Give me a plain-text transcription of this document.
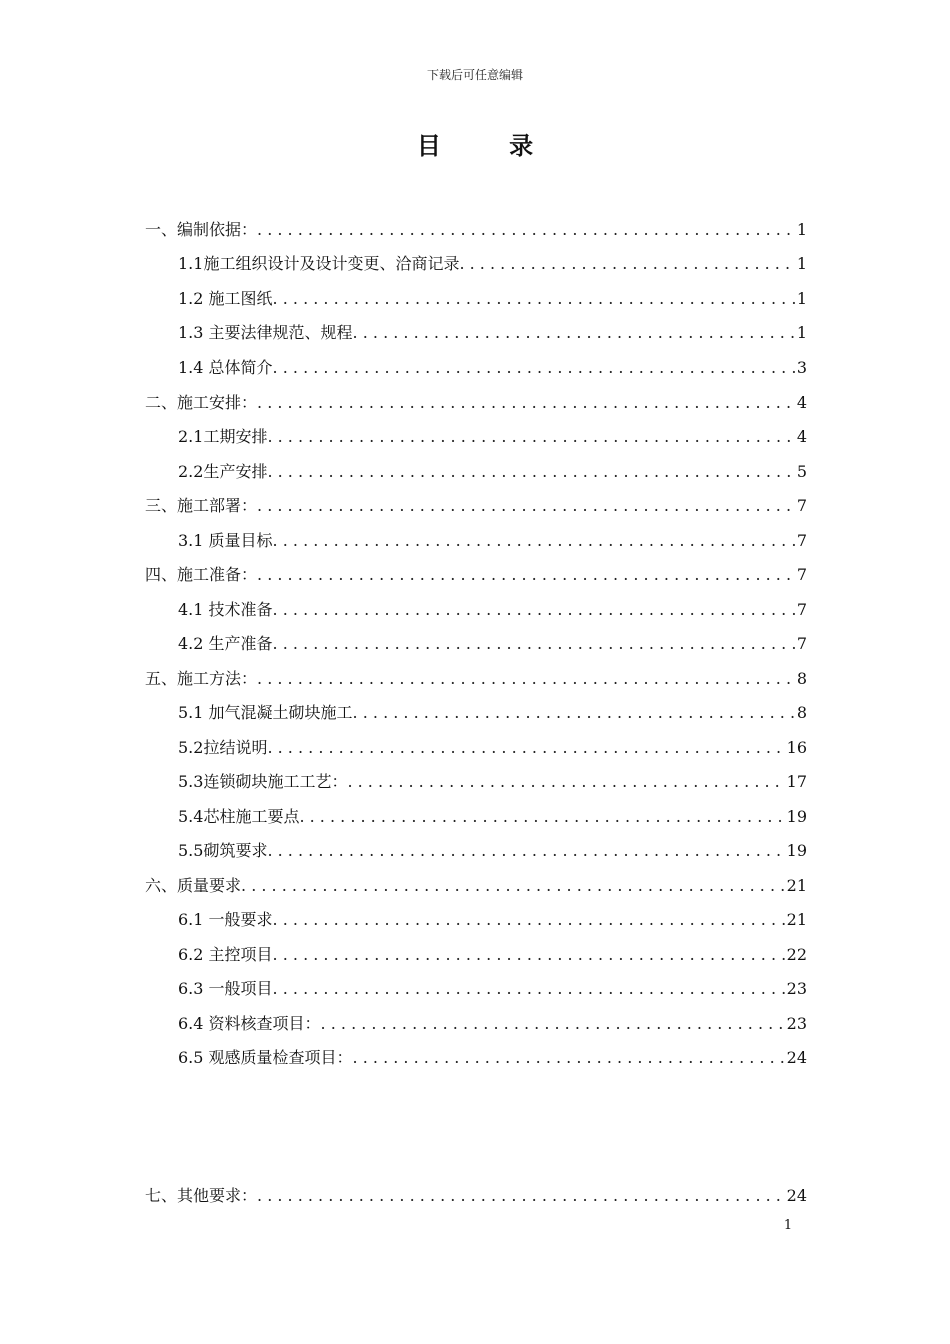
下载后可任意编辑
目 录
一、编制依据： . . .	1
1.1施工组织设计及设计变更、洽商记录 . . .	1
1.2 施工图纸 . . .	1
1.3 主要法律规范、规程 . . .	1
1.4 总体简介 . . .	3
二、施工安排： . . .	4
2.1工期安排 . . .	4
2.2生产安排 . . .	5
三、施工部署： . . .	7
3.1 质量目标 . . .	7
四、施工准备： . . .	7
4.1 技术准备 . . .	7
4.2 生产准备 . . .	7
五、施工方法： . . .	8
5.1 加气混凝土砌块施工 . . .	8
5.2拉结说明 . . .	16
5.3连锁砌块施工工艺： . . .	17
5.4芯柱施工要点 . . .	19
5.5砌筑要求 . . .	19
六、质量要求 . . .	21
6.1 一般要求 . . .	21
6.2 主控项目 . . .	22
6.3 一般项目 . . .	23
6.4 资料核查项目： . . .	23
6.5 观感质量检查项目： . . .	24
七、其他要求： . . .	24
1
